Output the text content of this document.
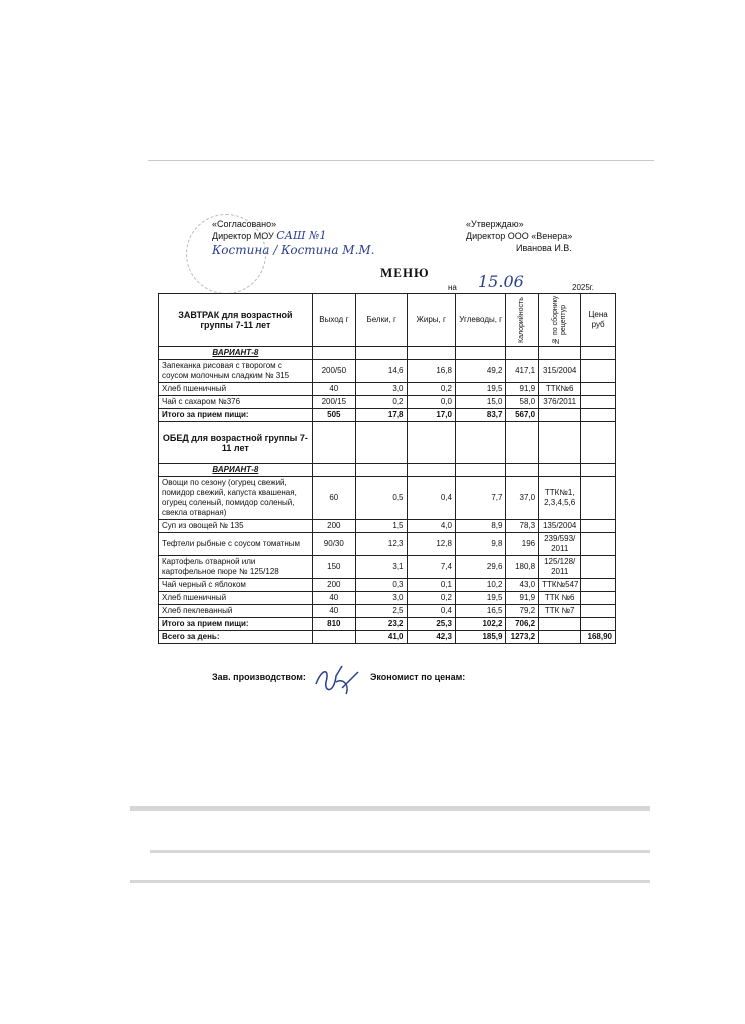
«Согласовано»
Директор МОУ САШ №1
Костина / Костина М.М.
«Утверждаю»
Директор ООО «Венера»
Иванова И.В.
МЕНЮ
на 15.06	2025г.
ЗАВТРАК для возрастной группы 7-11 лет	Выход г	Белки, г	Жиры, г	Углеводы, г	Калорийность	№ по сборнику рецептур	Цена руб
ВАРИАНТ-8							
Запеканка рисовая с творогом с соусом молочным сладким № 315	200/50	14,6	16,8	49,2	417,1	315/2004	
Хлеб пшеничный	40	3,0	0,2	19,5	91,9	ТТК№6	
Чай с сахаром №376	200/15	0,2	0,0	15,0	58,0	376/2011	
Итого за прием пищи:	505	17,8	17,0	83,7	567,0		
ОБЕД для возрастной группы 7-11 лет							
ВАРИАНТ-8							
Овощи по сезону (огурец свежий, помидор свежий, капуста квашеная, огурец соленый, помидор соленый, свекла отварная)	60	0,5	0,4	7,7	37,0	ТТК№1, 2,3,4,5,6	
Суп из овощей № 135	200	1,5	4,0	8,9	78,3	135/2004	
Тефтели рыбные с соусом томатным	90/30	12,3	12,8	9,8	196	239/593/ 2011	
Картофель отварной или картофельное пюре № 125/128	150	3,1	7,4	29,6	180,8	125/128/ 2011	
Чай черный с яблоком	200	0,3	0,1	10,2	43,0	ТТК№547	
Хлеб пшеничный	40	3,0	0,2	19,5	91,9	ТТК №6	
Хлеб пеклеванный	40	2,5	0,4	16,5	79,2	ТТК №7	
Итого за прием пищи:	810	23,2	25,3	102,2	706,2		
Всего за день:		41,0	42,3	185,9	1273,2		168,90
Зав. производством:	Экономист по ценам:
